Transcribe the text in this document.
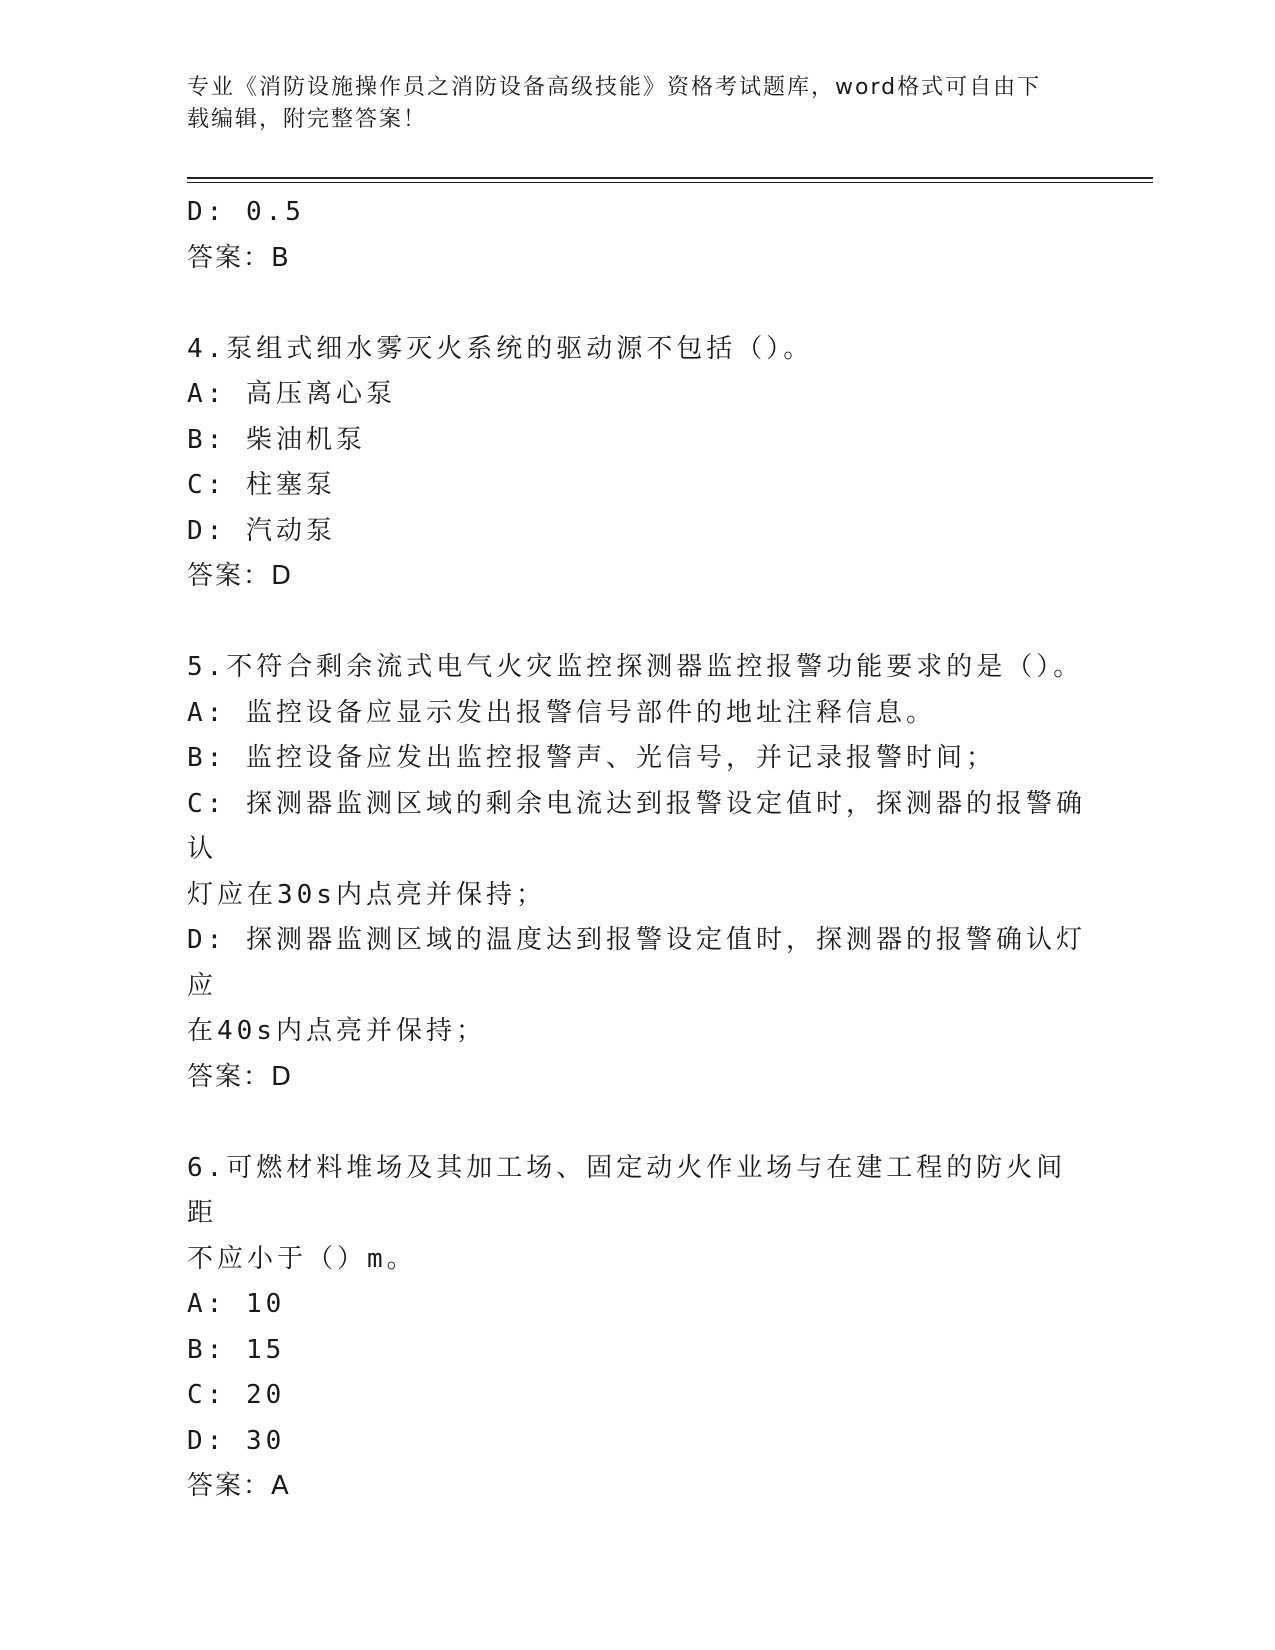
专业《消防设施操作员之消防设备高级技能》资格考试题库，word格式可自由下
载编辑，附完整答案！

D: 0.5

答案：B

4.泵组式细水雾灭火系统的驱动源不包括（）。

A: 高压离心泵

B: 柴油机泵

C: 柱塞泵

D: 汽动泵

答案：D

5.不符合剩余流式电气火灾监控探测器监控报警功能要求的是（）。

A: 监控设备应显示发出报警信号部件的地址注释信息。

B: 监控设备应发出监控报警声、光信号，并记录报警时间；

C: 探测器监测区域的剩余电流达到报警设定值时，探测器的报警确认

灯应在30s内点亮并保持；

D: 探测器监测区域的温度达到报警设定值时，探测器的报警确认灯应

在40s内点亮并保持；

答案：D

6.可燃材料堆场及其加工场、固定动火作业场与在建工程的防火间距

不应小于（）m。

A: 10

B: 15

C: 20

D: 30

答案：A
